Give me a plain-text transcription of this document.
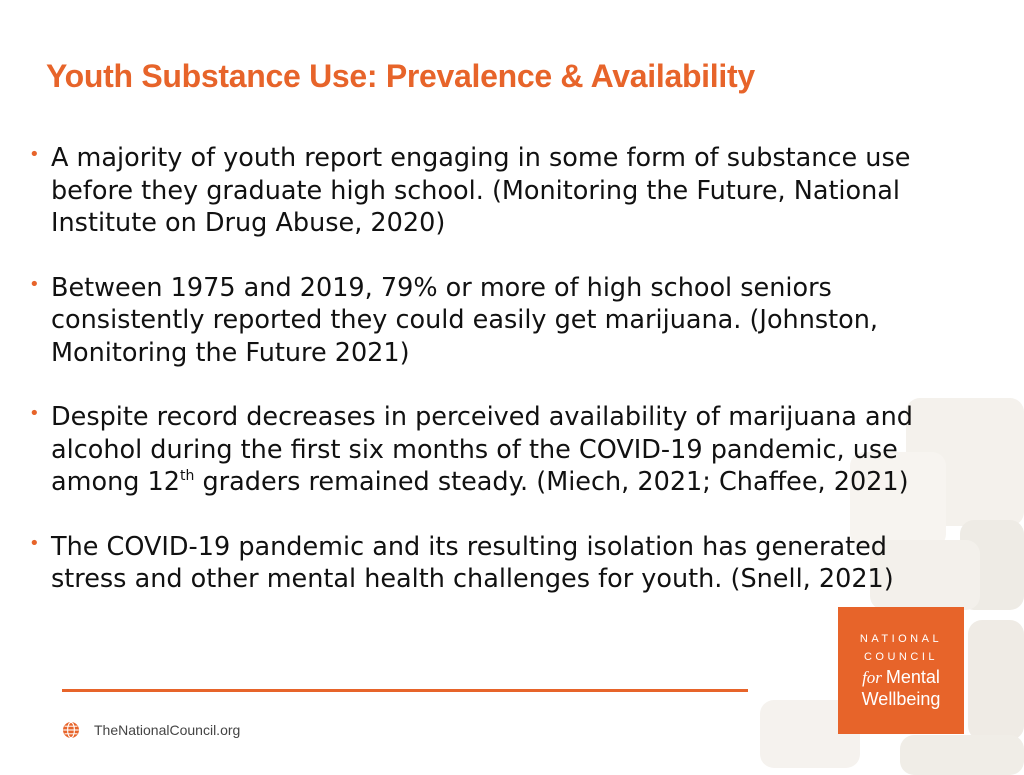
Youth Substance Use: Prevalence & Availability
• A majority of youth report engaging in some form of substance use before they graduate high school. (Monitoring the Future, National Institute on Drug Abuse, 2020)
• Between 1975 and 2019, 79% or more of high school seniors consistently reported they could easily get marijuana. (Johnston, Monitoring the Future 2021)
• Despite record decreases in perceived availability of marijuana and alcohol during the first six months of the COVID-19 pandemic, use among 12th graders remained steady. (Miech, 2021; Chaffee, 2021)
• The COVID-19 pandemic and its resulting isolation has generatedstress and other mental health challenges for youth. (Snell, 2021)
TheNationalCouncil.org
NATIONAL
COUNCIL
for Mental
Wellbeing
